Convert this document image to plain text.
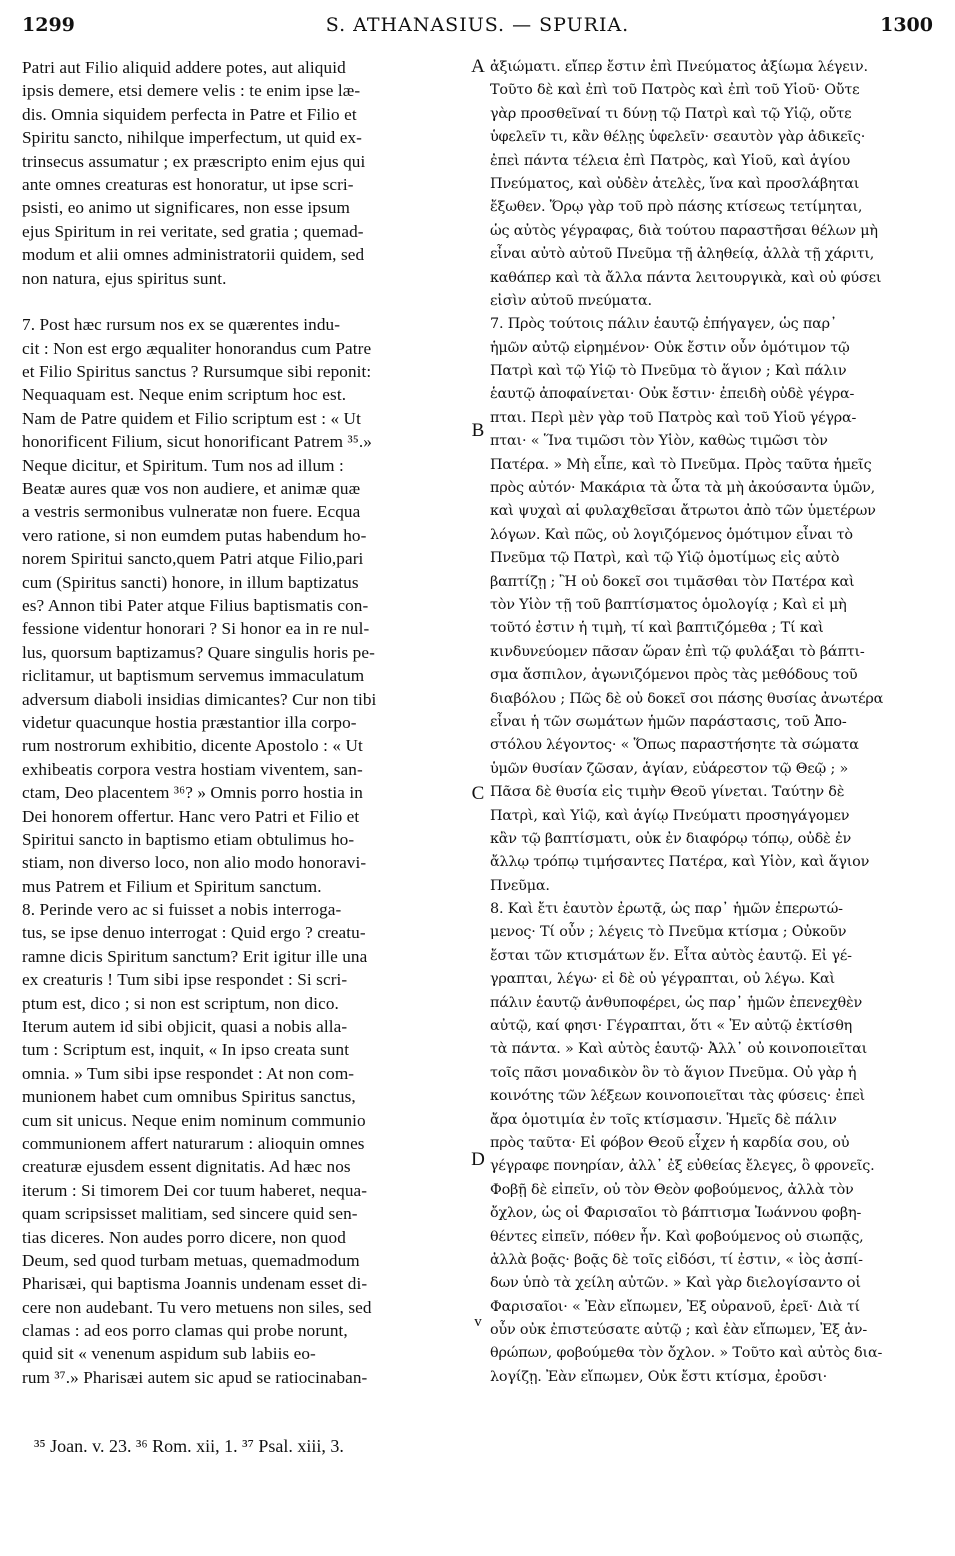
1299	S. ATHANASIUS. — SPURIA.	1300
Patri aut Filio aliquid addere potes, aut aliquid
ipsis demere, etsi demere velis : te enim ipse læ-
dis. Omnia siquidem perfecta in Patre et Filio et
Spiritu sancto, nihilque imperfectum, ut quid ex-
trinsecus assumatur ; ex præscripto enim ejus qui
ante omnes creaturas est honoratur, ut ipse scri-
psisti, eo animo ut significares, non esse ipsum
ejus Spiritum in rei veritate, sed gratia ; quemad-
modum et alii omnes administratorii quidem, sed
non natura, ejus spiritus sunt.
7. Post hæc rursum nos ex se quærentes indu-
cit : Non est ergo æqualiter honorandus cum Patre
et Filio Spiritus sanctus ? Rursumque sibi reponit:
Nequaquam est. Neque enim scriptum hoc est.
Nam de Patre quidem et Filio scriptum est : « Ut
honorificent Filium, sicut honorificant Patrem ³⁵.»
Neque dicitur, et Spiritum. Tum nos ad illum :
Beatæ aures quæ vos non audiere, et animæ quæ
a vestris sermonibus vulneratæ non fuere. Ecqua
vero ratione, si non eumdem putas habendum ho-
norem Spiritui sancto,quem Patri atque Filio,pari
cum (Spiritus sancti) honore, in illum baptizatus
es? Annon tibi Pater atque Filius baptismatis con-
fessione videntur honorari ? Si honor ea in re nul-
lus, quorsum baptizamus? Quare singulis horis pe-
riclitamur, ut baptismum servemus immaculatum
adversum diaboli insidias dimicantes? Cur non tibi
videtur quacunque hostia præstantior illa corpo-
rum nostrorum exhibitio, dicente Apostolo : « Ut
exhibeatis corpora vestra hostiam viventem, san-
ctam, Deo placentem ³⁶? » Omnis porro hostia in
Dei honorem offertur. Hanc vero Patri et Filio et
Spiritui sancto in baptismo etiam obtulimus ho-
stiam, non diverso loco, non alio modo honoravi-
mus Patrem et Filium et Spiritum sanctum.
8. Perinde vero ac si fuisset a nobis interroga-
tus, se ipse denuo interrogat : Quid ergo ? creatu-
ramne dicis Spiritum sanctum? Erit igitur ille una
ex creaturis ! Tum sibi ipse respondet : Si scri-
ptum est, dico ; si non est scriptum, non dico.
Iterum autem id sibi objicit, quasi a nobis alla-
tum : Scriptum est, inquit, « In ipso creata sunt
omnia. » Tum sibi ipse respondet : At non com-
munionem habet cum omnibus Spiritus sanctus,
cum sit unicus. Neque enim nominum communio
communionem affert naturarum : alioquin omnes
creaturæ ejusdem essent dignitatis. Ad hæc nos
iterum : Si timorem Dei cor tuum haberet, nequa-
quam scripsisset malitiam, sed sincere quid sen-
tias diceres. Non audes porro dicere, non quod
Deum, sed quod turbam metuas, quemadmodum
Pharisæi, qui baptisma Joannis undenam esset di-
cere non audebant. Tu vero metuens non siles, sed
clamas : ad eos porro clamas qui probe norunt,
quid sit « venenum aspidum sub labiis eo-
rum ³⁷.» Pharisæi autem sic apud se ratiocinaban-
ἀξιώματι. εἴπερ ἔστιν ἐπὶ Πνεύματος ἀξίωμα λέγειν.
Τοῦτο δὲ καὶ ἐπὶ τοῦ Πατρὸς καὶ ἐπὶ τοῦ Υἱοῦ· Οὔτε
γὰρ προσθεῖναί τι δύνῃ τῷ Πατρὶ καὶ τῷ Υἱῷ, οὔτε
ὑφελεῖν τι, κἂν θέλῃς ὑφελεῖν· σεαυτὸν γὰρ ἀδικεῖς·
ἐπεὶ πάντα τέλεια ἐπὶ Πατρὸς, καὶ Υἱοῦ, καὶ ἁγίου
Πνεύματος, καὶ οὐδὲν ἀτελὲς, ἵνα καὶ προσλάβηται
ἔξωθεν. Ὅρῳ γὰρ τοῦ πρὸ πάσης κτίσεως τετίμηται,
ὡς αὐτὸς γέγραφας, διὰ τούτου παραστῆσαι θέλων μὴ
εἶναι αὐτὸ αὐτοῦ Πνεῦμα τῇ ἀληθείᾳ, ἀλλὰ τῇ χάριτι,
καθάπερ καὶ τὰ ἄλλα πάντα λειτουργικὰ, καὶ οὐ φύσει
εἰσὶν αὐτοῦ πνεύματα.
7. Πρὸς τούτοις πάλιν ἑαυτῷ ἐπήγαγεν, ὡς παρ᾽
ἡμῶν αὐτῷ εἰρημένον· Οὐκ ἔστιν οὖν ὁμότιμον τῷ
Πατρὶ καὶ τῷ Υἱῷ τὸ Πνεῦμα τὸ ἅγιον ; Καὶ πάλιν
ἑαυτῷ ἀποφαίνεται· Οὐκ ἔστιν· ἐπειδὴ οὐδὲ γέγρα-
πται. Περὶ μὲν γὰρ τοῦ Πατρὸς καὶ τοῦ Υἱοῦ γέγρα-
πται· « Ἵνα τιμῶσι τὸν Υἱὸν, καθὼς τιμῶσι τὸν
Πατέρα. » Μὴ εἶπε, καὶ τὸ Πνεῦμα. Πρὸς ταῦτα ἡμεῖς
πρὸς αὐτόν· Μακάρια τὰ ὦτα τὰ μὴ ἀκούσαντα ὑμῶν,
καὶ ψυχαὶ αἱ φυλαχθεῖσαι ἄτρωτοι ἀπὸ τῶν ὑμετέρων
λόγων. Καὶ πῶς, οὐ λογιζόμενος ὁμότιμον εἶναι τὸ
Πνεῦμα τῷ Πατρὶ, καὶ τῷ Υἱῷ ὁμοτίμως εἰς αὐτὸ
βαπτίζῃ ; Ἢ οὐ δοκεῖ σοι τιμᾶσθαι τὸν Πατέρα καὶ
τὸν Υἱὸν τῇ τοῦ βαπτίσματος ὁμολογίᾳ ; Καὶ εἰ μὴ
τοῦτό ἐστιν ἡ τιμὴ, τί καὶ βαπτιζόμεθα ; Τί καὶ
κινδυνεύομεν πᾶσαν ὥραν ἐπὶ τῷ φυλάξαι τὸ βάπτι-
σμα ἄσπιλον, ἀγωνιζόμενοι πρὸς τὰς μεθόδους τοῦ
διαβόλου ; Πῶς δὲ οὐ δοκεῖ σοι πάσης θυσίας ἀνωτέρα
εἶναι ἡ τῶν σωμάτων ἡμῶν παράστασις, τοῦ Ἀπο-
στόλου λέγοντος· « Ὅπως παραστήσητε τὰ σώματα
ὑμῶν θυσίαν ζῶσαν, ἁγίαν, εὐάρεστον τῷ Θεῷ ; »
Πᾶσα δὲ θυσία εἰς τιμὴν Θεοῦ γίνεται. Ταύτην δὲ
Πατρὶ, καὶ Υἱῷ, καὶ ἁγίῳ Πνεύματι προσηγάγομεν
κἂν τῷ βαπτίσματι, οὐκ ἐν διαφόρῳ τόπῳ, οὐδὲ ἐν
ἄλλῳ τρόπῳ τιμήσαντες Πατέρα, καὶ Υἱὸν, καὶ ἅγιον
Πνεῦμα.
8. Καὶ ἔτι ἑαυτὸν ἐρωτᾷ, ὡς παρ᾽ ἡμῶν ἐπερωτώ-
μενος· Τί οὖν ; λέγεις τὸ Πνεῦμα κτίσμα ; Οὐκοῦν
ἔσται τῶν κτισμάτων ἕν. Εἶτα αὐτὸς ἑαυτῷ. Εἰ γέ-
γραπται, λέγω· εἰ δὲ οὐ γέγραπται, οὐ λέγω. Καὶ
πάλιν ἑαυτῷ ἀνθυποφέρει, ὡς παρ᾽ ἡμῶν ἐπενεχθὲν
αὐτῷ, καί φησι· Γέγραπται, ὅτι « Ἐν αὐτῷ ἐκτίσθη
τὰ πάντα. » Καὶ αὐτὸς ἑαυτῷ· Ἀλλ᾽ οὐ κοινοποιεῖται
τοῖς πᾶσι μοναδικὸν ὂν τὸ ἅγιον Πνεῦμα. Οὐ γὰρ ἡ
κοινότης τῶν λέξεων κοινοποιεῖται τὰς φύσεις· ἐπεὶ
ἄρα ὁμοτιμία ἐν τοῖς κτίσμασιν. Ἡμεῖς δὲ πάλιν
πρὸς ταῦτα· Εἰ φόβον Θεοῦ εἶχεν ἡ καρδία σου, οὐ
γέγραφε πονηρίαν, ἀλλ᾽ ἐξ εὐθείας ἔλεγες, ὃ φρονεῖς.
Φοβῇ δὲ εἰπεῖν, οὐ τὸν Θεὸν φοβούμενος, ἀλλὰ τὸν
ὄχλον, ὡς οἱ Φαρισαῖοι τὸ βάπτισμα Ἰωάννου φοβη-
θέντες εἰπεῖν, πόθεν ἦν. Καὶ φοβούμενος οὐ σιωπᾷς,
ἀλλὰ βοᾷς· βοᾷς δὲ τοῖς εἰδόσι, τί ἐστιν, « ἰὸς ἀσπί-
δων ὑπὸ τὰ χείλη αὐτῶν. » Καὶ γὰρ διελογίσαντο οἱ
Φαρισαῖοι· « Ἐὰν εἴπωμεν, Ἐξ οὐρανοῦ, ἐρεῖ· Διὰ τί
οὖν οὐκ ἐπιστεύσατε αὐτῷ ; καὶ ἐὰν εἴπωμεν, Ἐξ ἀν-
θρώπων, φοβούμεθα τὸν ὄχλον. » Τοῦτο καὶ αὐτὸς δια-
λογίζῃ. Ἐὰν εἴπωμεν, Οὐκ ἔστι κτίσμα, ἐροῦσι·
A
B
C
D
v
³⁵ Joan. v. 23. ³⁶ Rom. xii, 1. ³⁷ Psal. xiii, 3.
